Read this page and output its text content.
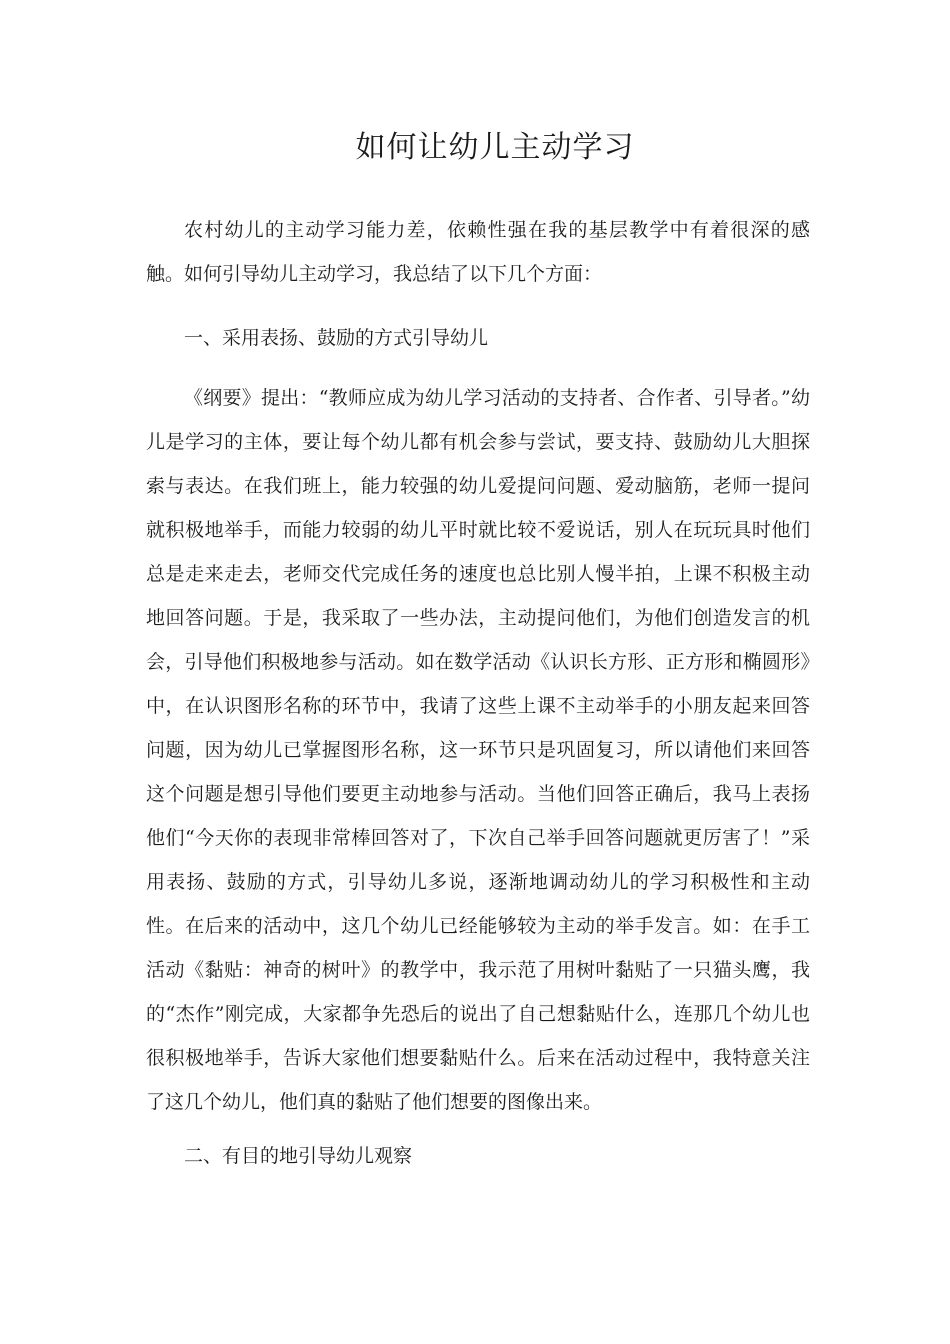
如何让幼儿主动学习

农村幼儿的主动学习能力差，依赖性强在我的基层教学中有着很深的感触。如何引导幼儿主动学习，我总结了以下几个方面：

一、采用表扬、鼓励的方式引导幼儿

《纲要》提出：“教师应成为幼儿学习活动的支持者、合作者、引导者。”幼儿是学习的主体，要让每个幼儿都有机会参与尝试，要支持、鼓励幼儿大胆探索与表达。在我们班上，能力较强的幼儿爱提问问题、爱动脑筋，老师一提问就积极地举手，而能力较弱的幼儿平时就比较不爱说话，别人在玩玩具时他们总是走来走去，老师交代完成任务的速度也总比别人慢半拍，上课不积极主动地回答问题。于是，我采取了一些办法，主动提问他们，为他们创造发言的机会，引导他们积极地参与活动。如在数学活动《认识长方形、正方形和椭圆形》中，在认识图形名称的环节中，我请了这些上课不主动举手的小朋友起来回答问题，因为幼儿已掌握图形名称，这一环节只是巩固复习，所以请他们来回答这个问题是想引导他们要更主动地参与活动。当他们回答正确后，我马上表扬他们“今天你的表现非常棒回答对了，下次自己举手回答问题就更厉害了！”采用表扬、鼓励的方式，引导幼儿多说，逐渐地调动幼儿的学习积极性和主动性。在后来的活动中，这几个幼儿已经能够较为主动的举手发言。如：在手工活动《黏贴：神奇的树叶》的教学中，我示范了用树叶黏贴了一只猫头鹰，我的“杰作”刚完成，大家都争先恐后的说出了自己想黏贴什么，连那几个幼儿也很积极地举手，告诉大家他们想要黏贴什么。后来在活动过程中，我特意关注了这几个幼儿，他们真的黏贴了他们想要的图像出来。

二、有目的地引导幼儿观察
